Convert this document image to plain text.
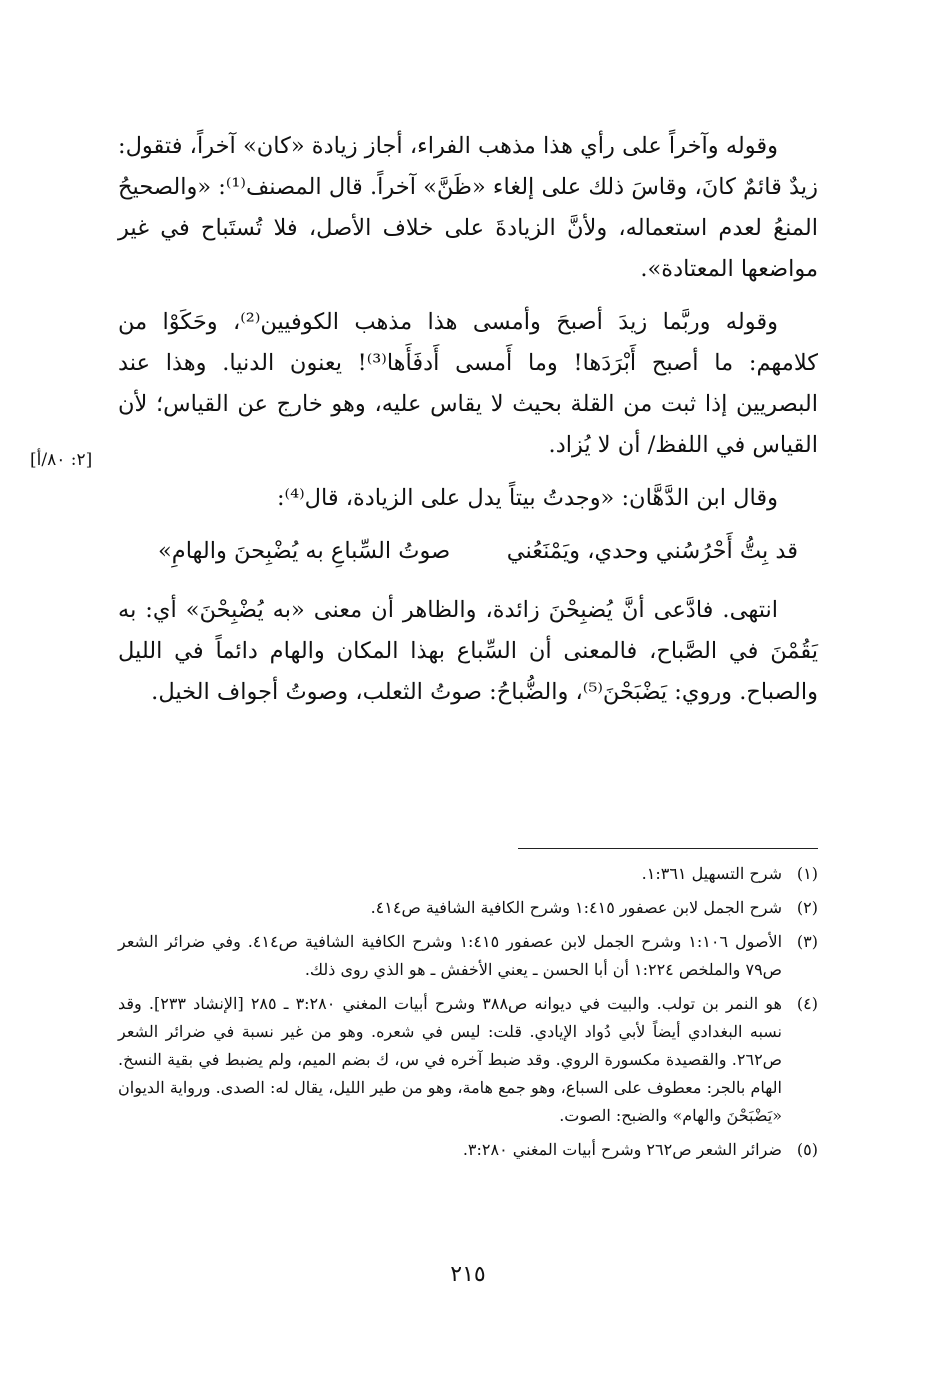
وقوله وآخراً على رأي هذا مذهب الفراء، أجاز زيادة «كان» آخراً، فتقول: زيدٌ قائمٌ كانَ، وقاسَ ذلك على إلغاء «ظَنَّ» آخراً. قال المصنف⁽¹⁾: «والصحيحُ المنعُ لعدم استعماله، ولأنَّ الزيادةَ على خلاف الأصل، فلا تُستَباح في غير مواضعها المعتادة».

وقوله وربَّما زيدَ أصبحَ وأمسى هذا مذهب الكوفيين⁽²⁾، وحَكَوْا من كلامهم: ما أصبح أَبْرَدَها! وما أَمسى أَدفَأَها⁽³⁾! يعنون الدنيا. وهذا عند البصريين إذا ثبت من القلة بحيث لا يقاس عليه، وهو خارج عن القياس؛ لأن القياس في اللفظ/ أن لا يُزاد.

وقال ابن الدَّهَّان: «وجدتُ بيتاً يدل على الزيادة، قال⁽⁴⁾:

قد بِتُّ أَحْرُسُني وحدي، ويَمْنَعُني
صوتُ السِّباعِ به يُضْبِحنَ والهامِ»

انتهى. فادَّعى أنَّ يُضبِحْنَ زائدة، والظاهر أن معنى «به يُضْبِحْنَ» أي: به يَقُمْنَ في الصَّباح، فالمعنى أن السِّباع بهذا المكان والهام دائماً في الليل والصباح. وروي: يَضْبَحْنَ⁽⁵⁾، والضُّباحُ: صوتُ الثعلب، وصوتُ أجواف الخيل.

[٢: ٨٠/أ]
(١)
شرح التسهيل ١:٣٦١.
(٢)
شرح الجمل لابن عصفور ١:٤١٥ وشرح الكافية الشافية ص٤١٤.
(٣)
الأصول ١:١٠٦ وشرح الجمل لابن عصفور ١:٤١٥ وشرح الكافية الشافية ص٤١٤. وفي ضرائر الشعر ص٧٩ والملخص ١:٢٢٤ أن أبا الحسن ـ يعني الأخفش ـ هو الذي روى ذلك.
(٤)
هو النمر بن تولب. والبيت في ديوانه ص٣٨٨ وشرح أبيات المغني ٣:٢٨٠ ـ ٢٨٥ [الإنشاد ٢٣٣]. وقد نسبه البغدادي أيضاً لأبي دُواد الإيادي. قلت: ليس في شعره. وهو من غير نسبة في ضرائر الشعر ص٢٦٢. والقصيدة مكسورة الروي. وقد ضبط آخره في س، ك بضم الميم، ولم يضبط في بقية النسخ. الهام بالجر: معطوف على السباع، وهو جمع هامة، وهو من طير الليل، يقال له: الصدى. ورواية الديوان «يَضْبَحْنَ والهام» والضبح: الصوت.
(٥)
ضرائر الشعر ص٢٦٢ وشرح أبيات المغني ٣:٢٨٠.
٢١٥
